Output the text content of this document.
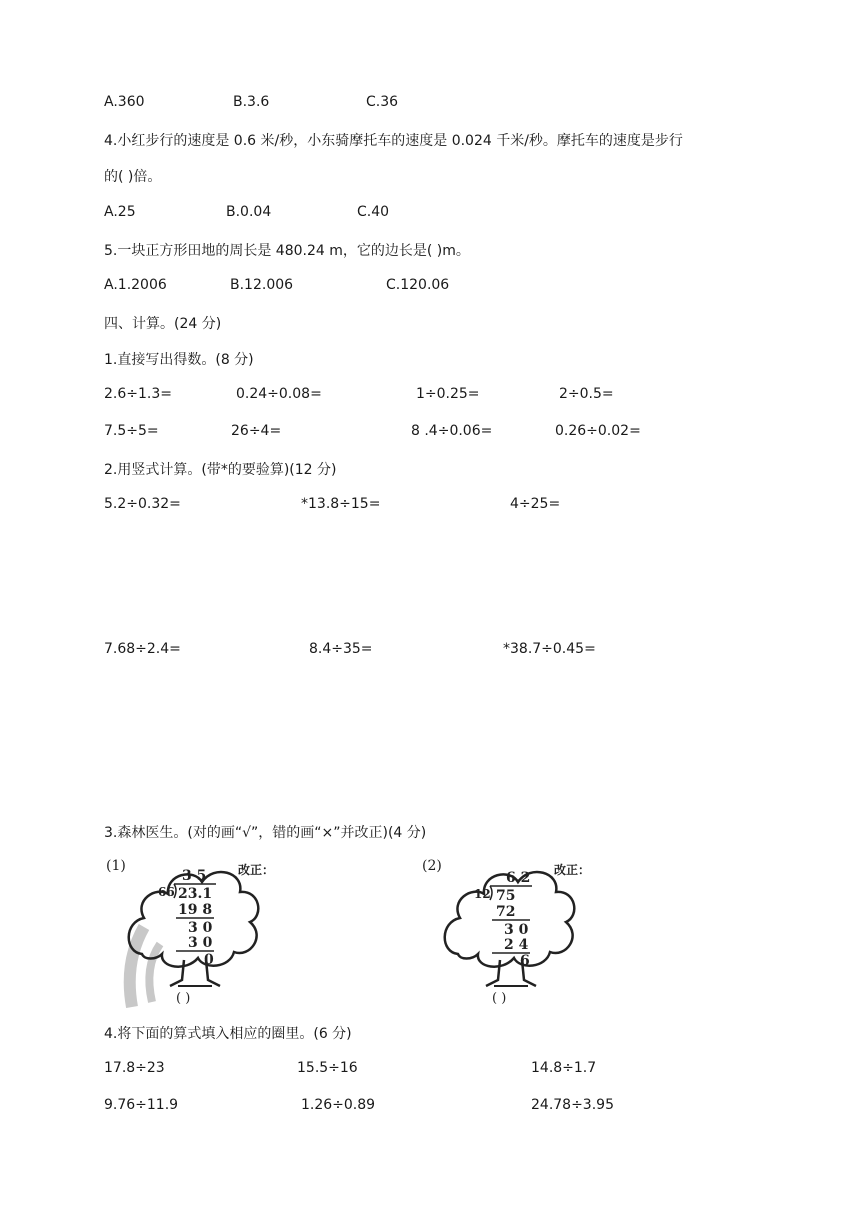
A.360	B.3.6	C.36
4.小红步行的速度是 0.6 米/秒，小东骑摩托车的速度是 0.024 千米/秒。摩托车的速度是步行
的( )倍。
A.25	B.0.04	C.40
5.一块正方形田地的周长是 480.24 m，它的边长是( )m。
A.1.2006	B.12.006	C.120.06
四、计算。(24 分)
1.直接写出得数。(8 分)
2.6÷1.3=	0.24÷0.08=	1÷0.25=	2÷0.5=
7.5÷5=	26÷4=	8 .4÷0.06=	0.26÷0.02=
2.用竖式计算。(带*的要验算)(12 分)
5.2÷0.32=	*13.8÷15=	4÷25=
7.68÷2.4=	8.4÷35=	*38.7÷0.45=
3.森林医生。(对的画“√”，错的画“×”并改正)(4 分)
(1)	改正：
3 5
66 23.1
19 8
3 0
3 0
0
( )
(2)	改正：
6.2
12 75
72
3 0
2 4
6
( )
4.将下面的算式填入相应的圈里。(6 分)
17.8÷23	15.5÷16	14.8÷1.7
9.76÷11.9	1.26÷0.89	24.78÷3.95
